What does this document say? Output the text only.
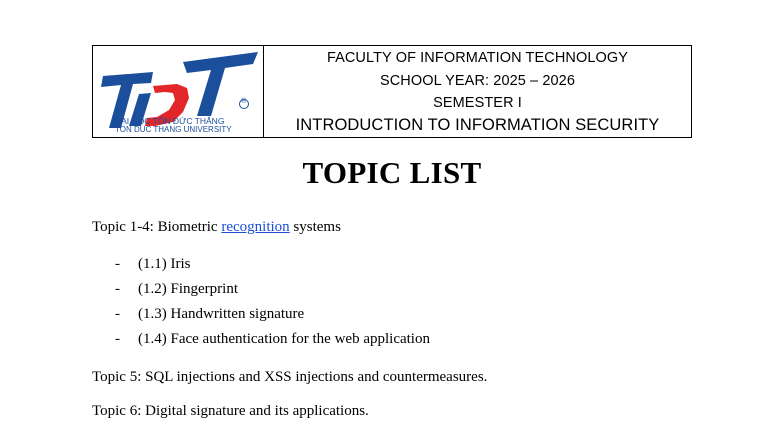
®
ĐẠI HỌC TÔN ĐỨC THẮNG
TON DUC THANG UNIVERSITY
FACULTY OF INFORMATION TECHNOLOGY
SCHOOL YEAR: 2025 – 2026
SEMESTER I
INTRODUCTION TO INFORMATION SECURITY
TOPIC LIST
Topic 1-4: Biometric recognition systems
- (1.1) Iris
- (1.2) Fingerprint
- (1.3) Handwritten signature
- (1.4) Face authentication for the web application
Topic 5: SQL injections and XSS injections and countermeasures.
Topic 6: Digital signature and its applications.
